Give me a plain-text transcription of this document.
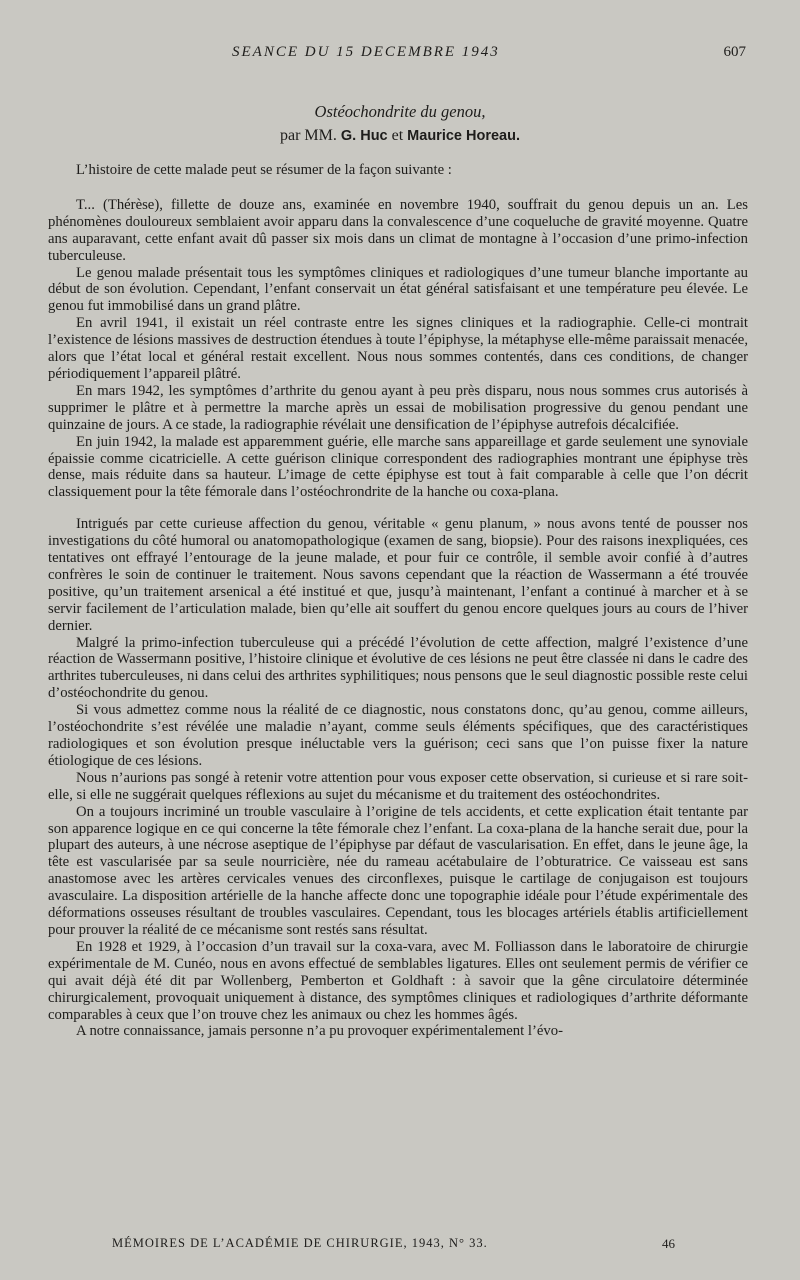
SEANCE DU 15 DECEMBRE 1943	607
Ostéochondrite du genou,
par MM. G. Huc et Maurice Horeau.

L’histoire de cette malade peut se résumer de la façon suivante :

T... (Thérèse), fillette de douze ans, examinée en novembre 1940, souffrait du genou depuis un an. Les phénomènes douloureux semblaient avoir apparu dans la convalescence d’une coqueluche de gravité moyenne. Quatre ans auparavant, cette enfant avait dû passer six mois dans un climat de montagne à l’occasion d’une primo-infection tuberculeuse.

Le genou malade présentait tous les symptômes cliniques et radiologiques d’une tumeur blanche importante au début de son évolution. Cependant, l’enfant conservait un état général satisfaisant et une température peu élevée. Le genou fut immobilisé dans un grand plâtre.

En avril 1941, il existait un réel contraste entre les signes cliniques et la radiographie. Celle-ci montrait l’existence de lésions massives de destruction étendues à toute l’épiphyse, la métaphyse elle-même paraissait menacée, alors que l’état local et général restait excellent. Nous nous sommes contentés, dans ces conditions, de changer périodiquement l’appareil plâtré.

En mars 1942, les symptômes d’arthrite du genou ayant à peu près disparu, nous nous sommes crus autorisés à supprimer le plâtre et à permettre la marche après un essai de mobilisation progressive du genou pendant une quinzaine de jours. A ce stade, la radiographie révélait une densification de l’épiphyse autrefois décalcifiée.

En juin 1942, la malade est apparemment guérie, elle marche sans appareillage et garde seulement une synoviale épaissie comme cicatricielle. A cette guérison clinique correspondent des radiographies montrant une épiphyse très dense, mais réduite dans sa hauteur. L’image de cette épiphyse est tout à fait comparable à celle que l’on décrit classiquement pour la tête fémorale dans l’ostéochrondrite de la hanche ou coxa-plana.

Intrigués par cette curieuse affection du genou, véritable « genu planum, » nous avons tenté de pousser nos investigations du côté humoral ou anatomopathologique (examen de sang, biopsie). Pour des raisons inexpliquées, ces tentatives ont effrayé l’entourage de la jeune malade, et pour fuir ce contrôle, il semble avoir confié à d’autres confrères le soin de continuer le traitement. Nous savons cependant que la réaction de Wassermann a été trouvée positive, qu’un traitement arsenical a été institué et que, jusqu’à maintenant, l’enfant a continué à marcher et à se servir facilement de l’articulation malade, bien qu’elle ait souffert du genou encore quelques jours au cours de l’hiver dernier.

Malgré la primo-infection tuberculeuse qui a précédé l’évolution de cette affection, malgré l’existence d’une réaction de Wassermann positive, l’histoire clinique et évolutive de ces lésions ne peut être classée ni dans le cadre des arthrites tuberculeuses, ni dans celui des arthrites syphilitiques; nous pensons que le seul diagnostic possible reste celui d’ostéochondrite du genou.

Si vous admettez comme nous la réalité de ce diagnostic, nous constatons donc, qu’au genou, comme ailleurs, l’ostéochondrite s’est révélée une maladie n’ayant, comme seuls éléments spécifiques, que des caractéristiques radiologiques et son évolution presque inéluctable vers la guérison; ceci sans que l’on puisse fixer la nature étiologique de ces lésions.

Nous n’aurions pas songé à retenir votre attention pour vous exposer cette observation, si curieuse et si rare soit-elle, si elle ne suggérait quelques réflexions au sujet du mécanisme et du traitement des ostéochondrites.

On a toujours incriminé un trouble vasculaire à l’origine de tels accidents, et cette explication était tentante par son apparence logique en ce qui concerne la tête fémorale chez l’enfant. La coxa-plana de la hanche serait due, pour la plupart des auteurs, à une nécrose aseptique de l’épiphyse par défaut de vascularisation. En effet, dans le jeune âge, la tête est vascularisée par sa seule nourricière, née du rameau acétabulaire de l’obturatrice. Ce vaisseau est sans anastomose avec les artères cervicales venues des circonflexes, puisque le cartilage de conjugaison est toujours avasculaire. La disposition artérielle de la hanche affecte donc une topographie idéale pour l’étude expérimentale des déformations osseuses résultant de troubles vasculaires. Cependant, tous les blocages artériels établis artificiellement pour prouver la réalité de ce mécanisme sont restés sans résultat.

En 1928 et 1929, à l’occasion d’un travail sur la coxa-vara, avec M. Folliasson dans le laboratoire de chirurgie expérimentale de M. Cunéo, nous en avons effectué de semblables ligatures. Elles ont seulement permis de vérifier ce qui avait déjà été dit par Wollenberg, Pemberton et Goldhaft : à savoir que la gêne circulatoire déterminée chirurgicalement, provoquait uniquement à distance, des symptômes cliniques et radiologiques d’arthrite déformante comparables à ceux que l’on trouve chez les animaux ou chez les hommes âgés.

A notre connaissance, jamais personne n’a pu provoquer expérimentalement l’évo-

MÉMOIRES DE L’ACADÉMIE DE CHIRURGIE, 1943, N° 33.	46
